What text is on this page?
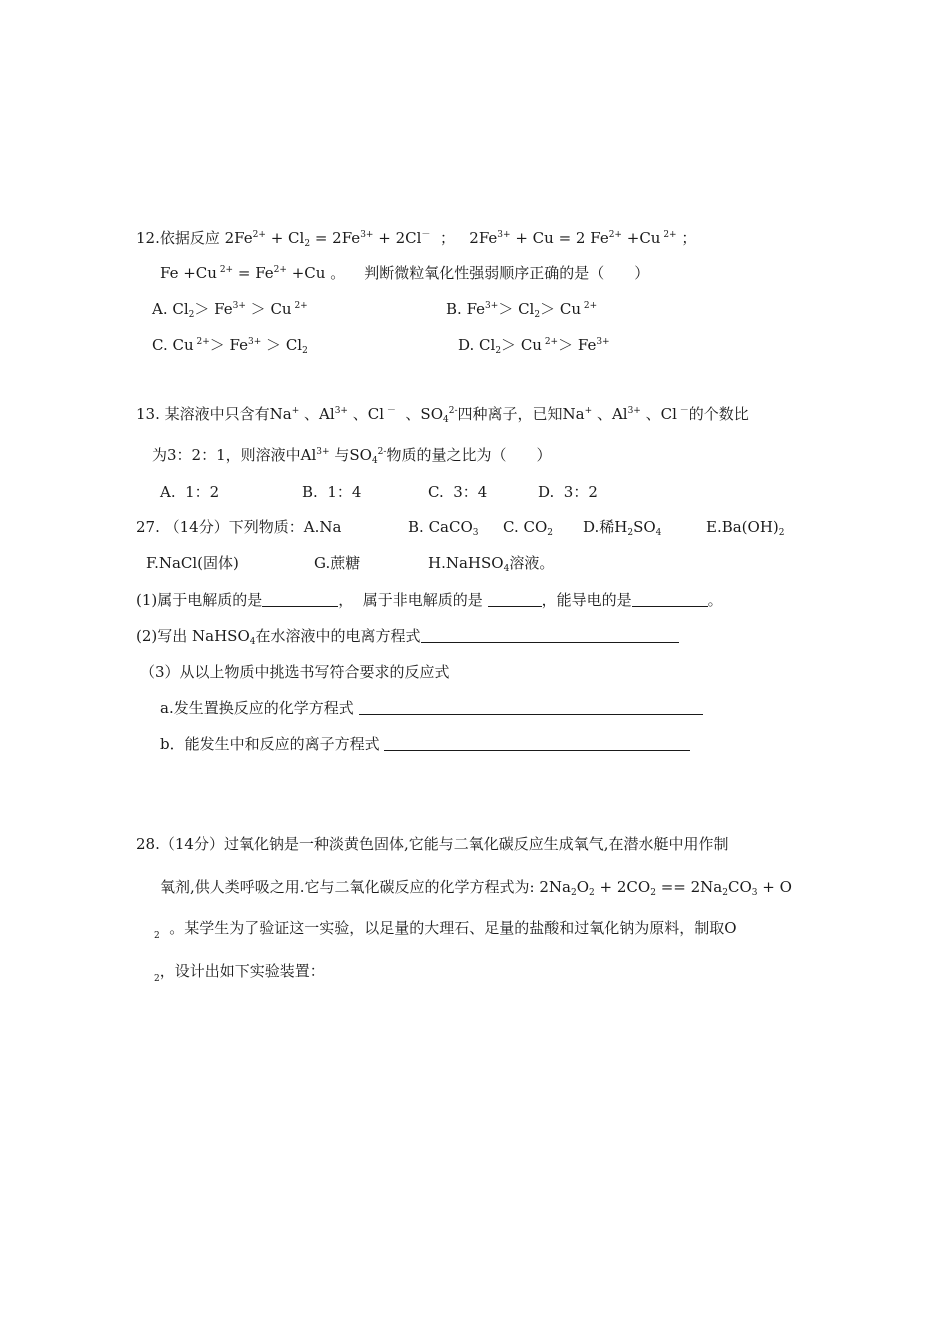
12.依据反应 $2Fe^{2+} + Cl_2 = 2Fe^{3+} + 2Cl^-$ ；   $2Fe^{3+} + Cu = 2$ $Fe^{2+} +Cu$ $^{2+}$ ；
Fe +Cu $^{2+} = Fe^{2+} +Cu$ 。    判断微粒氧化性强弱顺序正确的是（　　）
A. $Cl_2> Fe^{3+} > Cu$ $^{2+}$	B. $Fe^{3+}> Cl_2> Cu$ $^{2+}$
C. Cu $^{2+}> Fe^{3+} > Cl_2$	D. $Cl_2> Cu$ $^{2+}> Fe^{3+}$
13. 某溶液中只含有Na+ 、$Al^{3+}$ 、Cl －  、$SO_4^{2-}$四种离子，已知Na+ 、$Al^{3+}$ 、Cl －的个数比
为3：2：1，则溶液中$Al^{3+}$ 与$SO_4^{2-}$物质的量之比为（　　）
A.  1：2	B.  1：4	C.  3：4	D.  3：2
27. （14分）下列物质：A.Na	B. CaCO$_3$ C. $CO_2$ D.稀$H_2SO_4$	$E.Ba(OH)_2$
F.NaCl(固体)	G.蔗糖	H.NaHSO$_4$溶液。
(1)属于电解质的是	，  属于非电解质的是	，能导电的是	。
(2)写出 NaHSO$_4$在水溶液中的电离方程式
（3）从以上物质中挑选书写符合要求的反应式
a.发生置换反应的化学方程式
b．能发生中和反应的离子方程式
28.（14分）过氧化钠是一种淡黄色固体,它能与二氧化碳反应生成氧气,在潜水艇中用作制
氧剂,供人类呼吸之用.它与二氧化碳反应的化学方程式为: $2Na_2O_2 + 2CO_2 == 2Na_2CO_3 + O$
$_2$ 。某学生为了验证这一实验，以足量的大理石、足量的盐酸和过氧化钠为原料，制取O
$_2$，设计出如下实验装置：
